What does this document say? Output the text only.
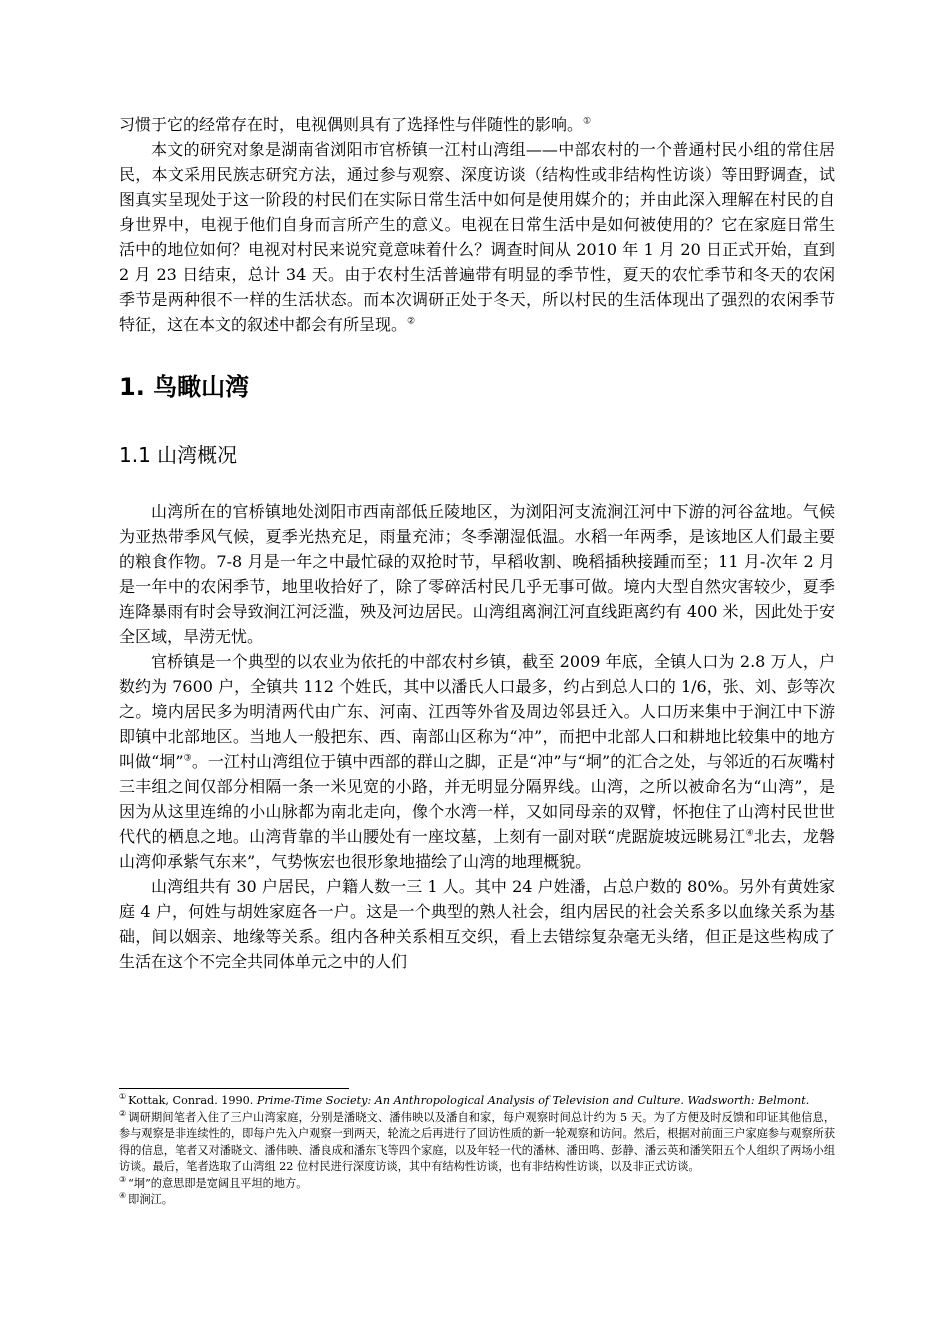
习惯于它的经常存在时，电视偶则具有了选择性与伴随性的影响。①

本文的研究对象是湖南省浏阳市官桥镇一江村山湾组——中部农村的一个普通村民小组的常住居民，本文采用民族志研究方法，通过参与观察、深度访谈（结构性或非结构性访谈）等田野调查，试图真实呈现处于这一阶段的村民们在实际日常生活中如何是使用媒介的；并由此深入理解在村民的自身世界中，电视于他们自身而言所产生的意义。电视在日常生活中是如何被使用的？它在家庭日常生活中的地位如何？电视对村民来说究竟意味着什么？调查时间从 2010 年 1 月 20 日正式开始，直到 2 月 23 日结束，总计 34 天。由于农村生活普遍带有明显的季节性，夏天的农忙季节和冬天的农闲季节是两种很不一样的生活状态。而本次调研正处于冬天，所以村民的生活体现出了强烈的农闲季节特征，这在本文的叙述中都会有所呈现。②

1. 鸟瞰山湾
1.1 山湾概况

山湾所在的官桥镇地处浏阳市西南部低丘陵地区，为浏阳河支流涧江河中下游的河谷盆地。气候为亚热带季风气候，夏季光热充足，雨量充沛；冬季潮湿低温。水稻一年两季，是该地区人们最主要的粮食作物。7-8 月是一年之中最忙碌的双抢时节，早稻收割、晚稻插秧接踵而至；11 月-次年 2 月是一年中的农闲季节，地里收拾好了，除了零碎活村民几乎无事可做。境内大型自然灾害较少，夏季连降暴雨有时会导致涧江河泛滥，殃及河边居民。山湾组离涧江河直线距离约有 400 米，因此处于安全区域，旱涝无忧。

官桥镇是一个典型的以农业为依托的中部农村乡镇，截至 2009 年底，全镇人口为 2.8 万人，户数约为 7600 户，全镇共 112 个姓氏，其中以潘氏人口最多，约占到总人口的 1/6，张、刘、彭等次之。境内居民多为明清两代由广东、河南、江西等外省及周边邻县迁入。人口历来集中于涧江中下游即镇中北部地区。当地人一般把东、西、南部山区称为“冲”，而把中北部人口和耕地比较集中的地方叫做“垌”③。一江村山湾组位于镇中西部的群山之脚，正是“冲”与“垌”的汇合之处，与邻近的石灰嘴村三丰组之间仅部分相隔一条一米见宽的小路，并无明显分隔界线。山湾，之所以被命名为“山湾”，是因为从这里连绵的小山脉都为南北走向，像个水湾一样，又如同母亲的双臂，怀抱住了山湾村民世世代代的栖息之地。山湾背靠的半山腰处有一座坟墓，上刻有一副对联“虎踞旋坡远眺易江④北去，龙磐山湾仰承紫气东来”，气势恢宏也很形象地描绘了山湾的地理概貌。

山湾组共有 30 户居民，户籍人数一三 1 人。其中 24 户姓潘，占总户数的 80%。另外有黄姓家庭 4 户，何姓与胡姓家庭各一户。这是一个典型的熟人社会，组内居民的社会关系多以血缘关系为基础，间以姻亲、地缘等关系。组内各种关系相互交织，看上去错综复杂毫无头绪，但正是这些构成了生活在这个不完全共同体单元之中的人们

① Kottak, Conrad. 1990. Prime-Time Society: An Anthropological Analysis of Television and Culture. Wadsworth: Belmont.

② 调研期间笔者入住了三户山湾家庭，分别是潘晓文、潘伟映以及潘自和家，每户观察时间总计约为 5 天。为了方便及时反馈和印证其他信息，参与观察是非连续性的，即每户先入户观察一到两天，轮流之后再进行了回访性质的新一轮观察和访问。然后，根据对前面三户家庭参与观察所获得的信息，笔者又对潘晓文、潘伟映、潘良成和潘东飞等四个家庭，以及年轻一代的潘林、潘田鸣、彭静、潘云英和潘笑阳五个人组织了两场小组访谈。最后，笔者选取了山湾组 22 位村民进行深度访谈，其中有结构性访谈，也有非结构性访谈，以及非正式访谈。

③ “垌”的意思即是宽阔且平坦的地方。

④ 即涧江。
